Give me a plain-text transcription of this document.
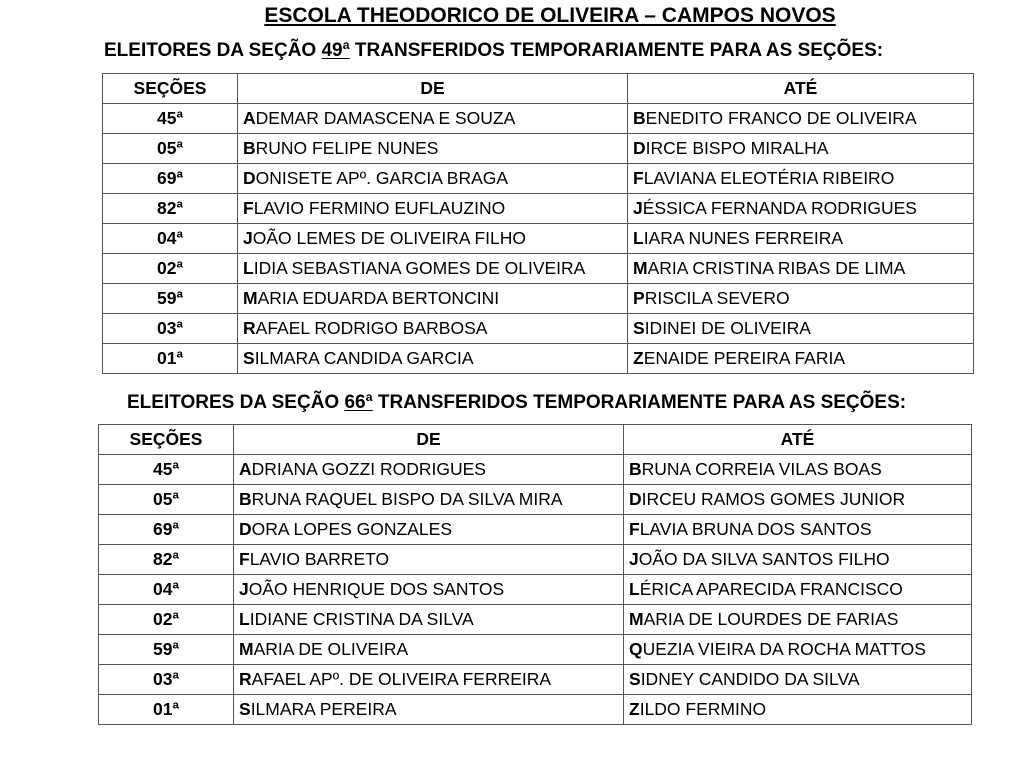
ESCOLA THEODORICO DE OLIVEIRA – CAMPOS NOVOS

ELEITORES DA SEÇÃO 49ª TRANSFERIDOS TEMPORARIAMENTE PARA AS SEÇÕES:

SEÇÕES	DE	ATÉ
45ª	ADEMAR DAMASCENA E SOUZA	BENEDITO FRANCO DE OLIVEIRA
05ª	BRUNO FELIPE NUNES	DIRCE BISPO MIRALHA
69ª	DONISETE APº. GARCIA BRAGA	FLAVIANA ELEOTÉRIA RIBEIRO
82ª	FLAVIO FERMINO EUFLAUZINO	JÉSSICA FERNANDA RODRIGUES
04ª	JOÃO LEMES DE OLIVEIRA FILHO	LIARA NUNES FERREIRA
02ª	LIDIA SEBASTIANA GOMES DE OLIVEIRA	MARIA CRISTINA RIBAS DE LIMA
59ª	MARIA EDUARDA BERTONCINI	PRISCILA SEVERO
03ª	RAFAEL RODRIGO BARBOSA	SIDINEI DE OLIVEIRA
01ª	SILMARA CANDIDA GARCIA	ZENAIDE PEREIRA FARIA

ELEITORES DA SEÇÃO 66ª TRANSFERIDOS TEMPORARIAMENTE PARA AS SEÇÕES:

SEÇÕES	DE	ATÉ
45ª	ADRIANA GOZZI RODRIGUES	BRUNA CORREIA VILAS BOAS
05ª	BRUNA RAQUEL BISPO DA SILVA MIRA	DIRCEU RAMOS GOMES JUNIOR
69ª	DORA LOPES GONZALES	FLAVIA BRUNA DOS SANTOS
82ª	FLAVIO BARRETO	JOÃO DA SILVA SANTOS FILHO
04ª	JOÃO HENRIQUE DOS SANTOS	LÉRICA APARECIDA FRANCISCO
02ª	LIDIANE CRISTINA DA SILVA	MARIA DE LOURDES DE FARIAS
59ª	MARIA DE OLIVEIRA	QUEZIA VIEIRA DA ROCHA MATTOS
03ª	RAFAEL APº. DE OLIVEIRA FERREIRA	SIDNEY CANDIDO DA SILVA
01ª	SILMARA PEREIRA	ZILDO FERMINO
